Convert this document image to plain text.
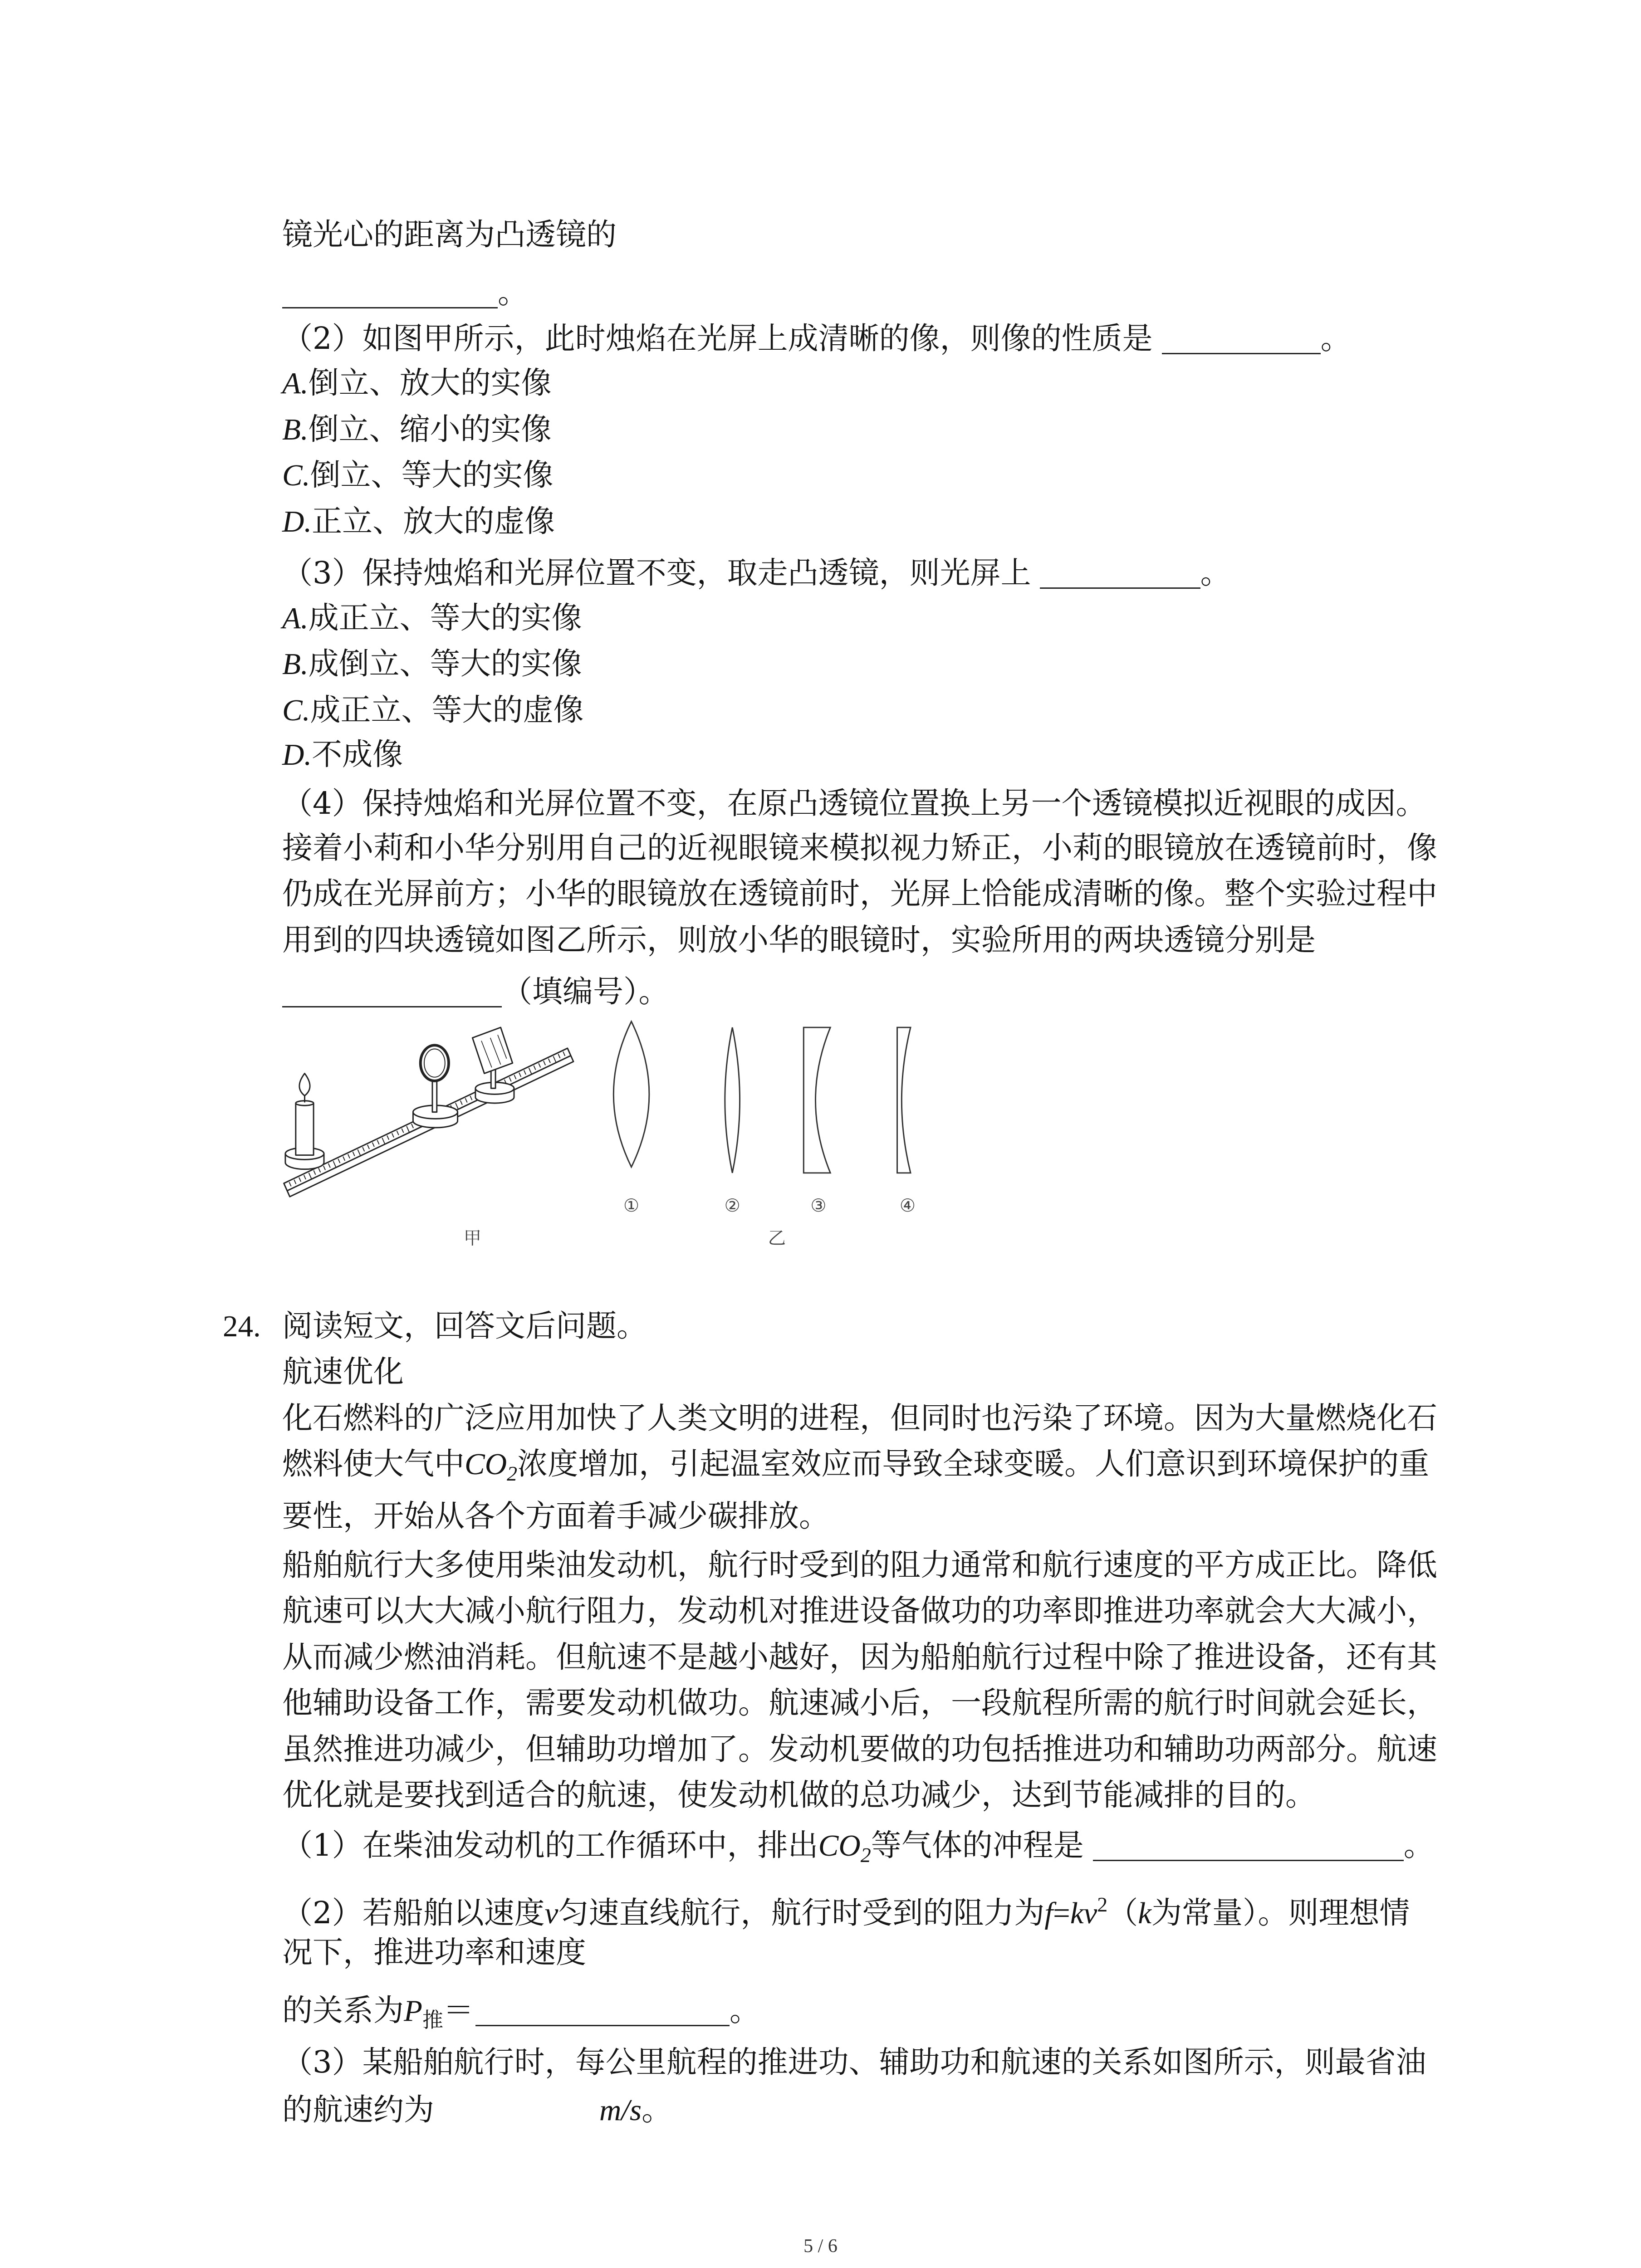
镜光心的距离为凸透镜的
。
（2）如图甲所示，此时烛焰在光屏上成清晰的像，则像的性质是	。
A.倒立、放大的实像
B.倒立、缩小的实像
C.倒立、等大的实像
D.正立、放大的虚像
（3）保持烛焰和光屏位置不变，取走凸透镜，则光屏上	。
A.成正立、等大的实像
B.成倒立、等大的实像
C.成正立、等大的虚像
D.不成像
（4）保持烛焰和光屏位置不变，在原凸透镜位置换上另一个透镜模拟近视眼的成因。
接着小莉和小华分别用自己的近视眼镜来模拟视力矫正，小莉的眼镜放在透镜前时，像
仍成在光屏前方；小华的眼镜放在透镜前时，光屏上恰能成清晰的像。整个实验过程中
用到的四块透镜如图乙所示，则放小华的眼镜时，实验所用的两块透镜分别是
（填编号）。
①	②	③	④
甲	乙
24. 阅读短文，回答文后问题。
航速优化
化石燃料的广泛应用加快了人类文明的进程，但同时也污染了环境。因为大量燃烧化石
燃料使大气中$CO_2$浓度增加，引起温室效应而导致全球变暖。人们意识到环境保护的重
要性，开始从各个方面着手减少碳排放。
船舶航行大多使用柴油发动机，航行时受到的阻力通常和航行速度的平方成正比。降低
航速可以大大减小航行阻力，发动机对推进设备做功的功率即推进功率就会大大减小，
从而减少燃油消耗。但航速不是越小越好，因为船舶航行过程中除了推进设备，还有其
他辅助设备工作，需要发动机做功。航速减小后，一段航程所需的航行时间就会延长，
虽然推进功减少，但辅助功增加了。发动机要做的功包括推进功和辅助功两部分。航速
优化就是要找到适合的航速，使发动机做的总功减少，达到节能减排的目的。
（1）在柴油发动机的工作循环中，排出$CO_2$等气体的冲程是	。
（2）若船舶以速度v匀速直线航行，航行时受到的阻力为$f=kv^2(k$为常量）。则理想情
况下，推进功率和速度
的关系为$P_推=$	。
（3）某船舶航行时，每公里航程的推进功、辅助功和航速的关系如图所示，则最省油
的航速约为	m/s。
5 / 6
